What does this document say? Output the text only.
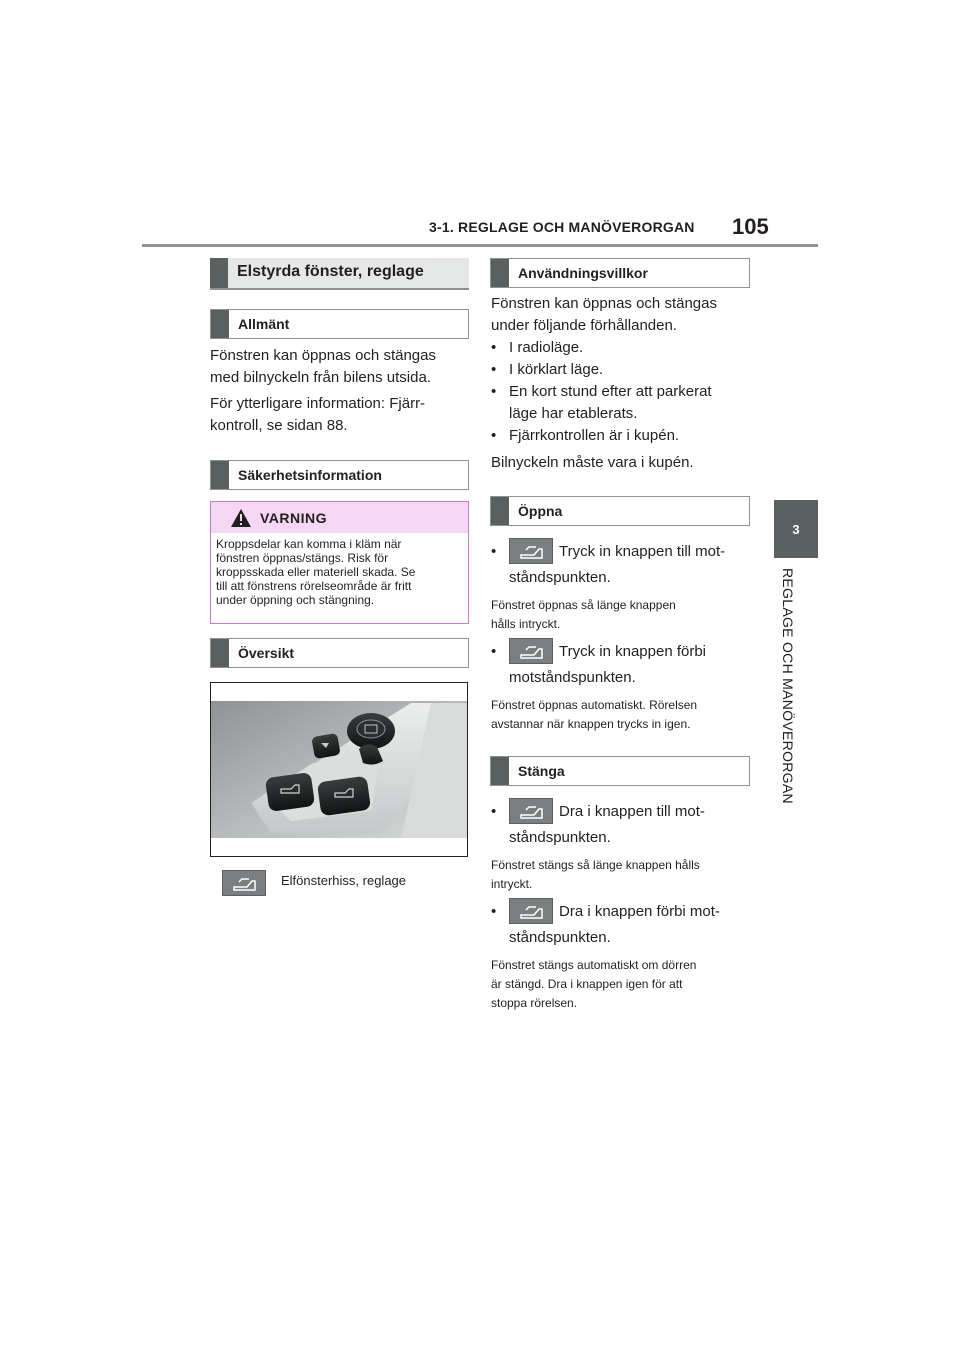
3-1. REGLAGE OCH MANÖVERORGAN 105
3
REGLAGE OCH MANÖVERORGAN
Elstyrda fönster, reglage
Allmänt
Fönstren kan öppnas och stängas
med bilnyckeln från bilens utsida.
För ytterligare information: Fjärr-
kontroll, se sidan 88.
Säkerhetsinformation
VARNING
Kroppsdelar kan komma i kläm när
fönstren öppnas/stängs. Risk för
kroppsskada eller materiell skada. Se
till att fönstrens rörelseområde är fritt
under öppning och stängning.
Översikt
Elfönsterhiss, reglage
Användningsvillkor
Fönstren kan öppnas och stängas
under följande förhållanden.
• I radioläge.
• I körklart läge.
• En kort stund efter att parkerat
läge har etablerats.
• Fjärrkontrollen är i kupén.
Bilnyckeln måste vara i kupén.
Öppna
•	Tryck in knappen till mot-
ståndspunkten.
Fönstret öppnas så länge knappen
hålls intryckt.
•	Tryck in knappen förbi
motståndspunkten.
Fönstret öppnas automatiskt. Rörelsen
avstannar när knappen trycks in igen.
Stänga
•	Dra i knappen till mot-
ståndspunkten.
Fönstret stängs så länge knappen hålls
intryckt.
•	Dra i knappen förbi mot-
ståndspunkten.
Fönstret stängs automatiskt om dörren
är stängd. Dra i knappen igen för att
stoppa rörelsen.
